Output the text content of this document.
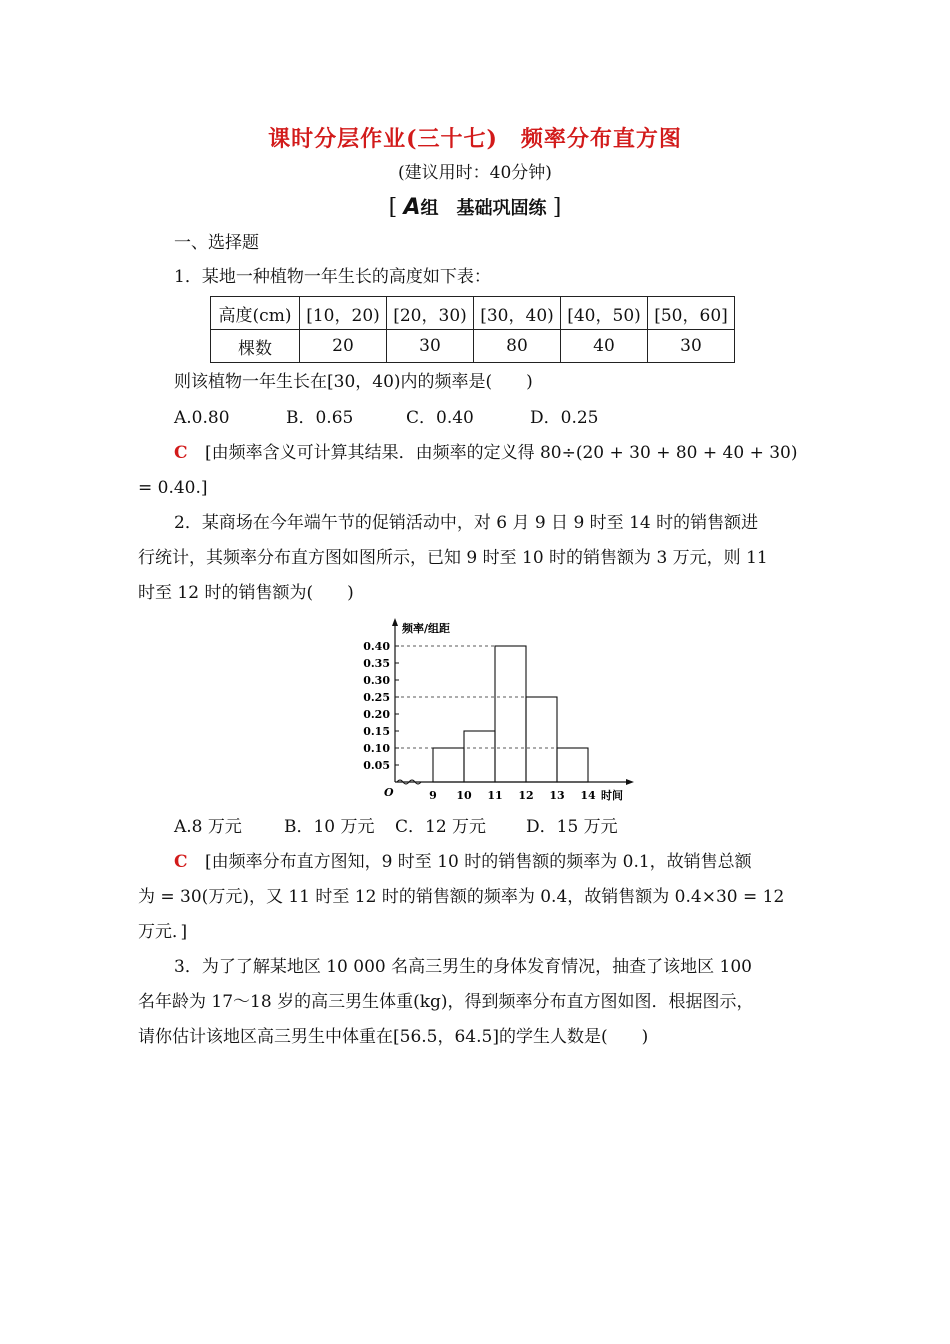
课时分层作业(三十七)　频率分布直方图
(建议用时：40分钟)
[ A组　基础巩固练 ]
一、选择题
1．某地一种植物一年生长的高度如下表：
高度(cm)	[10，20)	[20，30)	[30，40)	[40，50)	[50，60]
棵数	20	30	80	40	30
则该植物一年生长在[30，40)内的频率是(　　)
A.0.80	B．0.65	C．0.40	D．0.25
C [由频率含义可计算其结果．由频率的定义得 80÷(20 + 30 + 80 + 40 + 30)
= 0.40.]
2．某商场在今年端午节的促销活动中，对 6 月 9 日 9 时至 14 时的销售额进
行统计，其频率分布直方图如图所示，已知 9 时至 10 时的销售额为 3 万元，则 11
时至 12 时的销售额为(　　)
频率/组距
时间
O
0.05
0.10
0.15
0.20
0.25
0.30
0.35
0.40
9 10 11 12 13 14
A.8 万元 B．10 万元 C．12 万元 D．15 万元
C [由频率分布直方图知，9 时至 10 时的销售额的频率为 0.1，故销售总额
为 = 30(万元)，又 11 时至 12 时的销售额的频率为 0.4，故销售额为 0.4×30 = 12
万元．]
3．为了了解某地区 10 000 名高三男生的身体发育情况，抽查了该地区 100
名年龄为 17～18 岁的高三男生体重(kg)，得到频率分布直方图如图．根据图示，
请你估计该地区高三男生中体重在[56.5，64.5]的学生人数是(　　)
